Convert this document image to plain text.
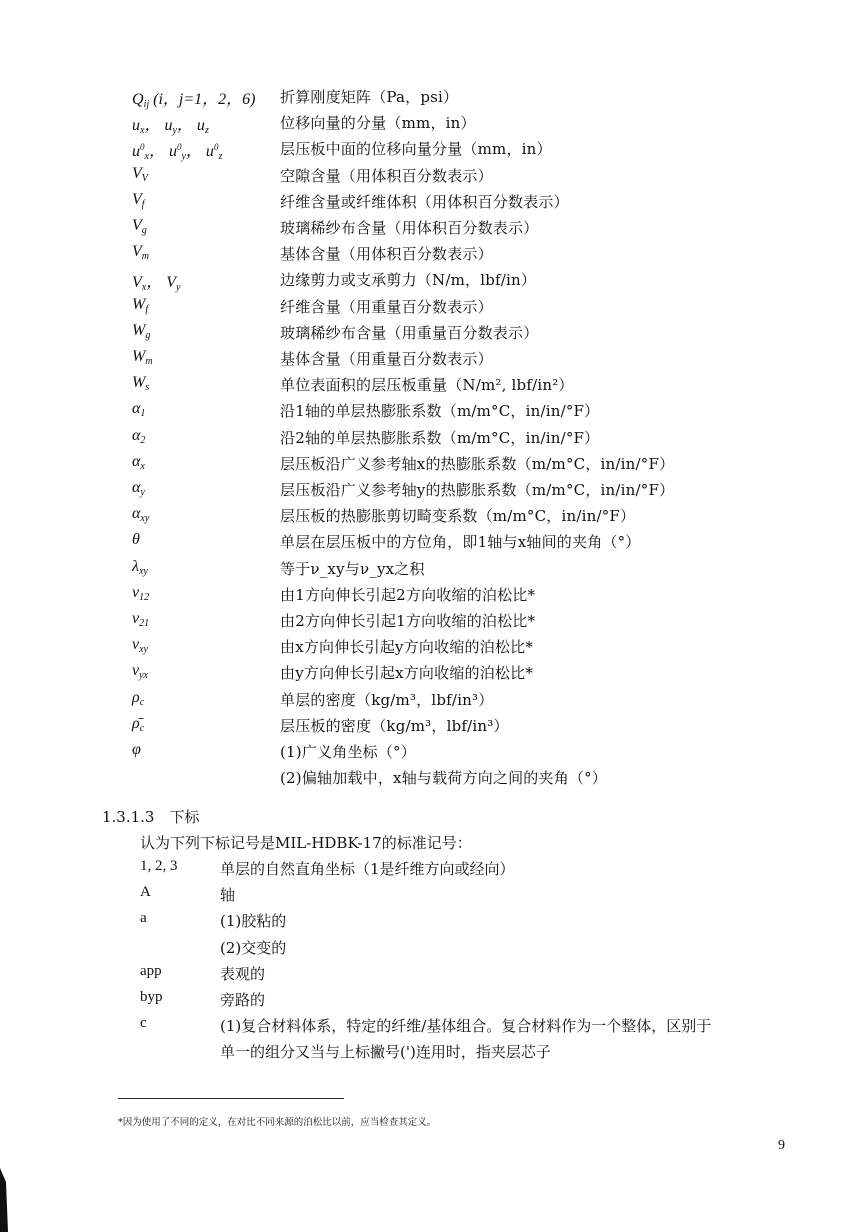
$Q_{ij}$ (i，j=1，2，6) 折算刚度矩阵（Pa，psi）
$u_x$， $u_y$， $u_z$	位移向量的分量（mm，in）
$u^0_x$， $u^0_y$， $u^0_z$	层压板中面的位移向量分量（mm，in）
$V_V$	空隙含量（用体积百分数表示）
$V_f$	纤维含量或纤维体积（用体积百分数表示）
$V_g$	玻璃稀纱布含量（用体积百分数表示）
$V_m$	基体含量（用体积百分数表示）
$V_x$， $V_y$	边缘剪力或支承剪力（N/m，lbf/in）
$W_f$	纤维含量（用重量百分数表示）
$W_g$	玻璃稀纱布含量（用重量百分数表示）
$W_m$	基体含量（用重量百分数表示）
$W_s$	单位表面积的层压板重量（N/m², lbf/in²）
$\alpha_1$	沿1轴的单层热膨胀系数（m/m°C，in/in/°F）
$\alpha_2$	沿2轴的单层热膨胀系数（m/m°C，in/in/°F）
$\alpha_x$	层压板沿广义参考轴x的热膨胀系数（m/m°C，in/in/°F）
$\alpha_y$	层压板沿广义参考轴y的热膨胀系数（m/m°C，in/in/°F）
$\alpha_{xy}$	层压板的热膨胀剪切畸变系数（m/m°C，in/in/°F）
θ	单层在层压板中的方位角，即1轴与x轴间的夹角（°）
$\lambda_{xy}$	等于ν_xy与ν_yx之积
$\nu_{12}$	由1方向伸长引起2方向收缩的泊松比*
$\nu_{21}$	由2方向伸长引起1方向收缩的泊松比*
$\nu_{xy}$	由x方向伸长引起y方向收缩的泊松比*
$\nu_{yx}$	由y方向伸长引起x方向收缩的泊松比*
$\rho_c$	单层的密度（kg/m³，lbf/in³）
$\rhō_c$	层压板的密度（kg/m³，lbf/in³）
φ	(1)广义角坐标（°）
(2)偏轴加载中，x轴与载荷方向之间的夹角（°）
1.3.1.3　下标
认为下列下标记号是MIL-HDBK-17的标准记号：
1, 2, 3	单层的自然直角坐标（1是纤维方向或经向）
A	轴
a	(1)胶粘的
(2)交变的
app	表观的
byp	旁路的
c	(1)复合材料体系，特定的纤维/基体组合。复合材料作为一个整体，区别于
单一的组分又当与上标撇号(')连用时，指夹层芯子
*因为使用了不同的定义，在对比不同来源的泊松比以前，应当检查其定义。
9
